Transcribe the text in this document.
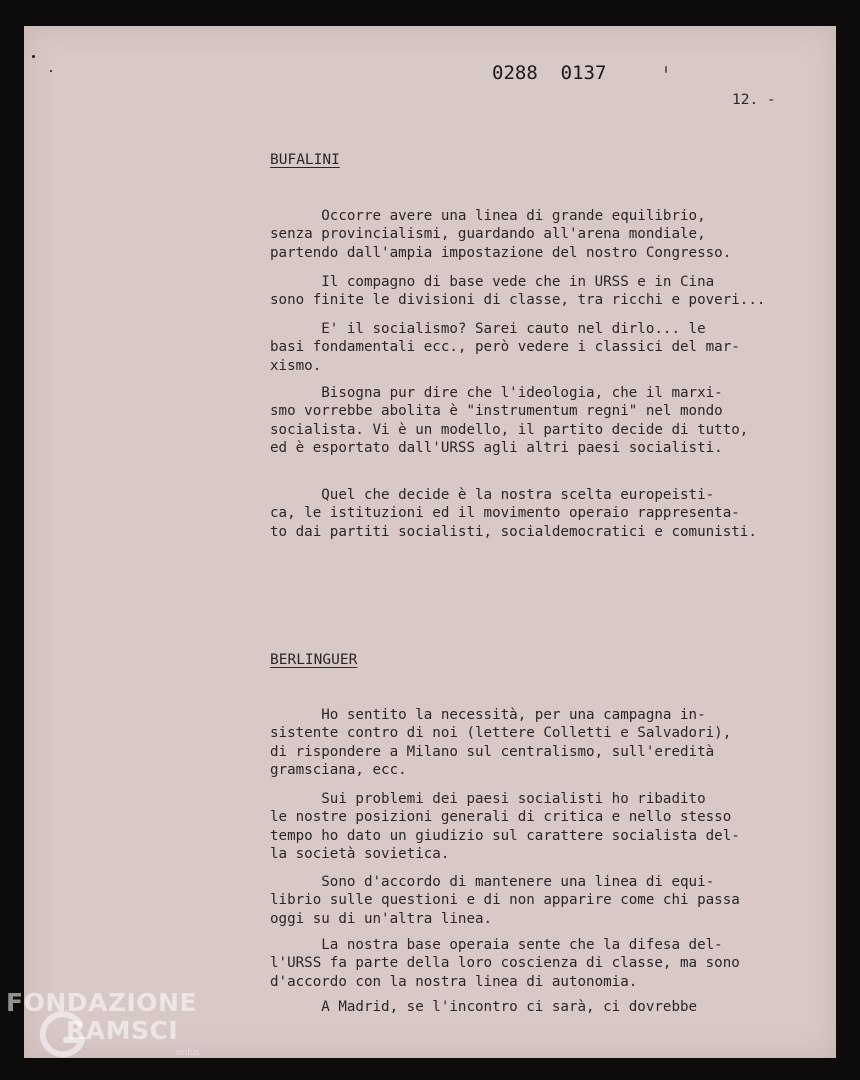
0288  0137
12. -
BUFALINI
Occorre avere una linea di grande equilibrio,
senza provincialismi, guardando all'arena mondiale,
partendo dall'ampia impostazione del nostro Congresso.
Il compagno di base vede che in URSS e in Cina
sono finite le divisioni di classe, tra ricchi e poveri...
E' il socialismo? Sarei cauto nel dirlo... le
basi fondamentali ecc., però vedere i classici del mar-
xismo.
Bisogna pur dire che l'ideologia, che il marxi-
smo vorrebbe abolita è "instrumentum regni" nel mondo
socialista. Vi è un modello, il partito decide di tutto,
ed è esportato dall'URSS agli altri paesi socialisti.
Quel che decide è la nostra scelta europeisti-
ca, le istituzioni ed il movimento operaio rappresenta-
to dai partiti socialisti, socialdemocratici e comunisti.
BERLINGUER
Ho sentito la necessità, per una campagna in-
sistente contro di noi (lettere Colletti e Salvadori),
di rispondere a Milano sul centralismo, sull'eredità
gramsciana, ecc.
Sui problemi dei paesi socialisti ho ribadito
le nostre posizioni generali di critica e nello stesso
tempo ho dato un giudizio sul carattere socialista del-
la società sovietica.
Sono d'accordo di mantenere una linea di equi-
librio sulle questioni e di non apparire come chi passa
oggi su di un'altra linea.
La nostra base operaia sente che la difesa del-
l'URSS fa parte della loro coscienza di classe, ma sono
d'accordo con la nostra linea di autonomia.
A Madrid, se l'incontro ci sarà, ci dovrebbe
FONDAZIONE
RAMSCI
onlus
